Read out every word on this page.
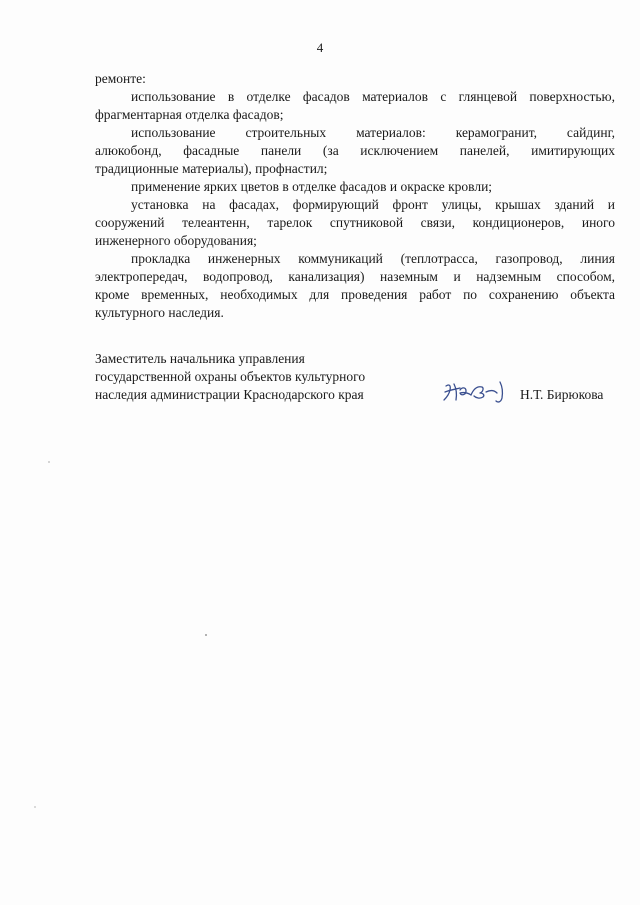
4
ремонте:
использование в отделке фасадов материалов с глянцевой поверхностью,
фрагментарная отделка фасадов;
использование строительных материалов: керамогранит, сайдинг,
алюкобонд, фасадные панели (за исключением панелей, имитирующих
традиционные материалы), профнастил;
применение ярких цветов в отделке фасадов и окраске кровли;
установка на фасадах, формирующий фронт улицы, крышах зданий и
сооружений телеантенн, тарелок спутниковой связи, кондиционеров, иного
инженерного оборудования;
прокладка инженерных коммуникаций (теплотрасса, газопровод, линия
электропередач, водопровод, канализация) наземным и надземным способом,
кроме временных, необходимых для проведения работ по сохранению объекта
культурного наследия.
Заместитель начальника управления
государственной охраны объектов культурного
наследия администрации Краснодарского края	Н.Т. Бирюкова
